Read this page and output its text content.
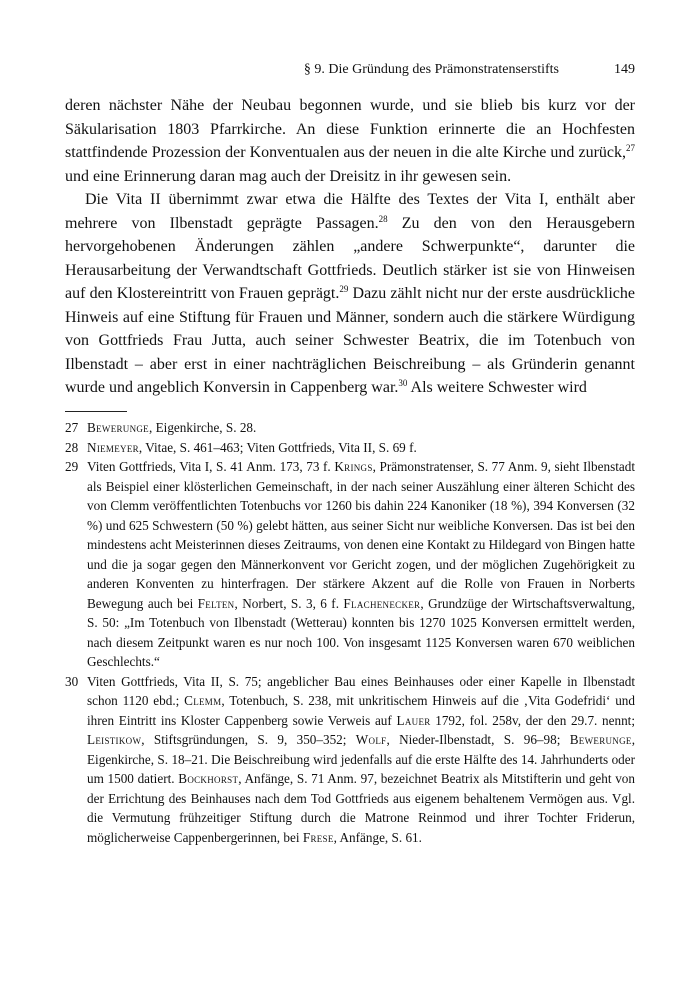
§ 9. Die Gründung des Prämonstratenserstifts	149

deren nächster Nähe der Neubau begonnen wurde, und sie blieb bis kurz vor der Säkularisation 1803 Pfarrkirche. An diese Funktion erinnerte die an Hochfesten stattfindende Prozession der Konventualen aus der neuen in die alte Kirche und zurück,$^{27}$ und eine Erinnerung daran mag auch der Dreisitz in ihr gewesen sein.

Die Vita II übernimmt zwar etwa die Hälfte des Textes der Vita I, enthält aber mehrere von Ilbenstadt geprägte Passagen.$^{28}$ Zu den von den Herausgebern hervorgehobenen Änderungen zählen „andere Schwerpunkte“, darunter die Herausarbeitung der Verwandtschaft Gottfrieds. Deutlich stärker ist sie von Hinweisen auf den Klostereintritt von Frauen geprägt.$^{29}$ Dazu zählt nicht nur der erste ausdrückliche Hinweis auf eine Stiftung für Frauen und Männer, sondern auch die stärkere Würdigung von Gottfrieds Frau Jutta, auch seiner Schwester Beatrix, die im Totenbuch von Ilbenstadt – aber erst in einer nachträglichen Beischreibung – als Gründerin genannt wurde und angeblich Konversin in Cappenberg war.$^{30}$ Als weitere Schwester wird

27 Bewerunge, Eigenkirche, S. 28.
28 Niemeyer, Vitae, S. 461–463; Viten Gottfrieds, Vita II, S. 69 f.
29 Viten Gottfrieds, Vita I, S. 41 Anm. 173, 73 f. Krings, Prämonstratenser, S. 77 Anm. 9, sieht Ilbenstadt als Beispiel einer klösterlichen Gemeinschaft, in der nach seiner Auszählung einer älteren Schicht des von Clemm veröffentlichten Totenbuchs vor 1260 bis dahin 224 Kanoniker (18 %), 394 Konversen (32 %) und 625 Schwestern (50 %) gelebt hätten, aus seiner Sicht nur weibliche Konversen. Das ist bei den mindestens acht Meisterinnen dieses Zeitraums, von denen eine Kontakt zu Hildegard von Bingen hatte und die ja sogar gegen den Männerkonvent vor Gericht zogen, und der möglichen Zugehörigkeit zu anderen Konventen zu hinterfragen. Der stärkere Akzent auf die Rolle von Frauen in Norberts Bewegung auch bei Felten, Norbert, S. 3, 6 f. Flachenecker, Grundzüge der Wirtschaftsverwaltung, S. 50: „Im Totenbuch von Ilbenstadt (Wetterau) konnten bis 1270 1025 Konversen ermittelt werden, nach diesem Zeitpunkt waren es nur noch 100. Von insgesamt 1125 Konversen waren 670 weiblichen Geschlechts.“
30 Viten Gottfrieds, Vita II, S. 75; angeblicher Bau eines Beinhauses oder einer Kapelle in Ilbenstadt schon 1120 ebd.; Clemm, Totenbuch, S. 238, mit unkritischem Hinweis auf die ‚Vita Godefridi‘ und ihren Eintritt ins Kloster Cappenberg sowie Verweis auf Lauer 1792, fol. 258v, der den 29.7. nennt; Leistikow, Stiftsgründungen, S. 9, 350–352; Wolf, Nieder-Ilbenstadt, S. 96–98; Bewerunge, Eigenkirche, S. 18–21. Die Beischreibung wird jedenfalls auf die erste Hälfte des 14. Jahrhunderts oder um 1500 datiert. Bockhorst, Anfänge, S. 71 Anm. 97, bezeichnet Beatrix als Mitstifterin und geht von der Errichtung des Beinhauses nach dem Tod Gottfrieds aus eigenem behaltenem Vermögen aus. Vgl. die Vermutung frühzeitiger Stiftung durch die Matrone Reinmod und ihrer Tochter Friderun, möglicherweise Cappenbergerinnen, bei Frese, Anfänge, S. 61.
